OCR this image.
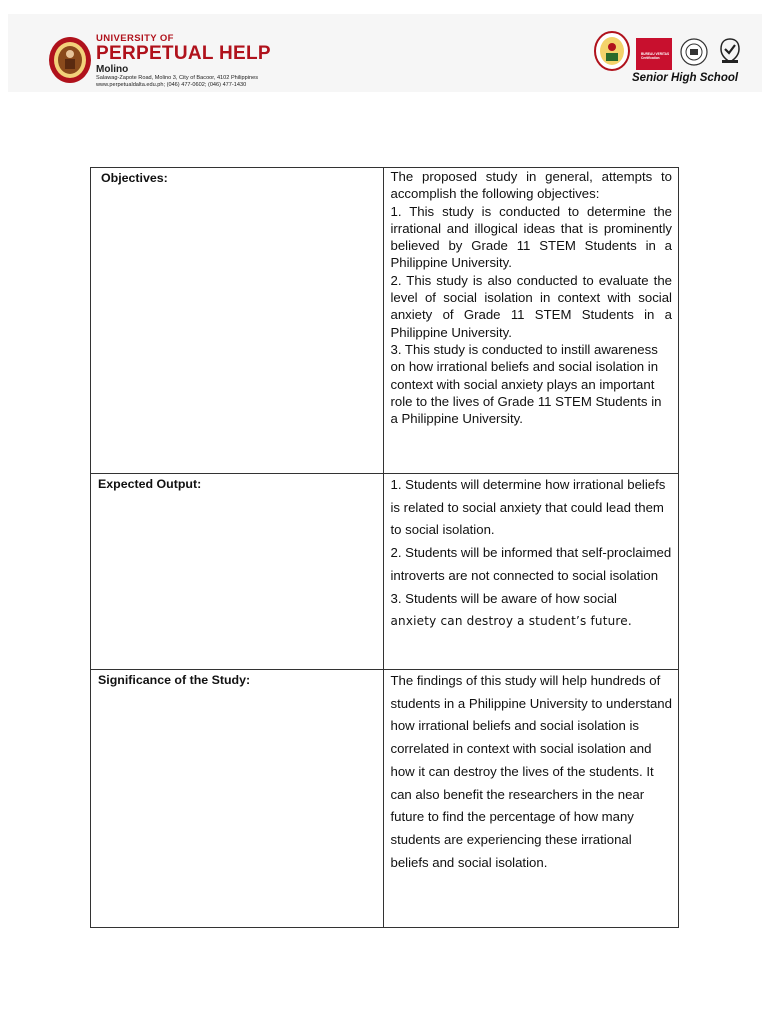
UNIVERSITY OF
PERPETUAL HELP
Molino
Salawag-Zapote Road, Molino 3, City of Bacoor, 4102 Philippines
www.perpetualdalta.edu.ph; (046) 477-0602; (046) 477-1430
BUREAU VERITAS Certification
Senior High School
Objectives:	The proposed study in general, attempts to accomplish the following objectives:
1. This study is conducted to determine the irrational and illogical ideas that is prominently believed by Grade 11 STEM Students in a Philippine University.
2. This study is also conducted to evaluate the level of social isolation in context with social anxiety of Grade 11 STEM Students in a Philippine University.
3. This study is conducted to instill awareness on how irrational beliefs and social isolation in context with social anxiety plays an important role to the lives of Grade 11 STEM Students in a Philippine University.

Expected Output:	1. Students will determine how irrational beliefs is related to social anxiety that could lead them to social isolation.
2. Students will be informed that self-proclaimed introverts are not connected to social isolation
3. Students will be aware of how social
anxiety can destroy a student’s future.

Significance of the Study:	The findings of this study will help hundreds of students in a Philippine University to understand how irrational beliefs and social isolation is correlated in context with social isolation and how it can destroy the lives of the students. It can also benefit the researchers in the near future to find the percentage of how many students are experiencing these irrational beliefs and social isolation.
